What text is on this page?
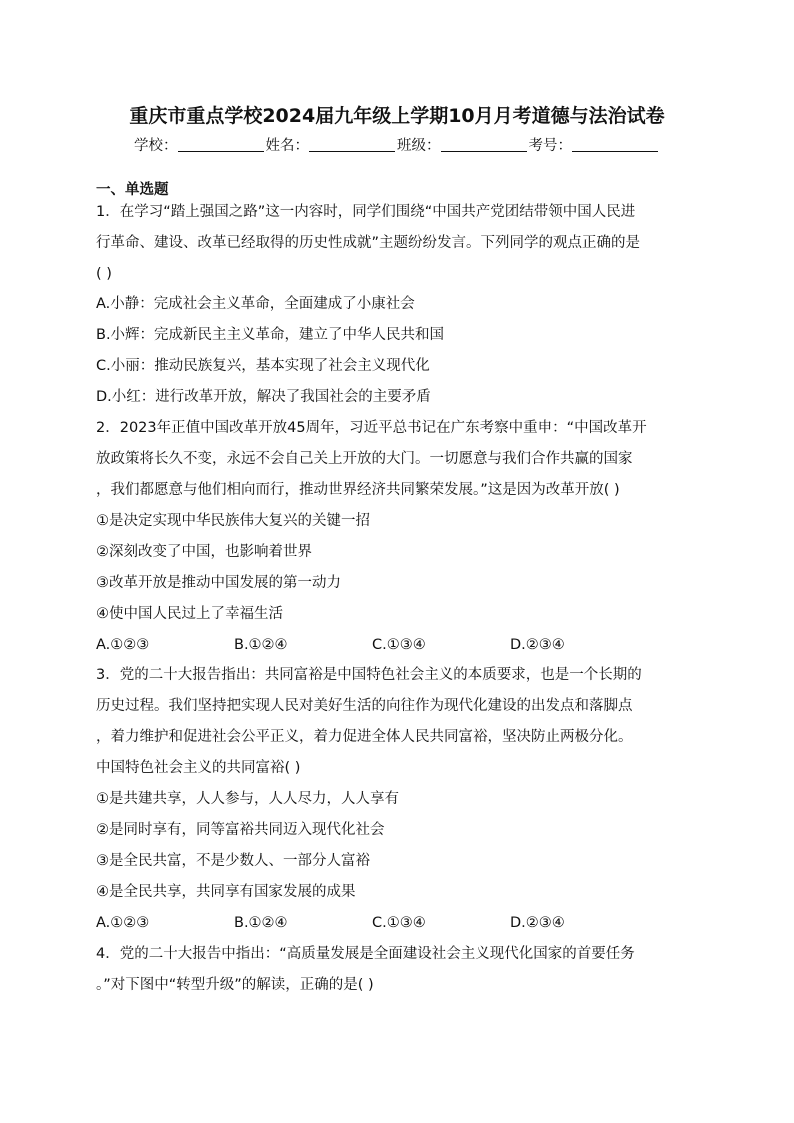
重庆市重点学校2024届九年级上学期10月月考道德与法治试卷
学校：	姓名：	班级：	考号：
一、单选题
1．在学习“踏上强国之路”这一内容时，同学们围绕“中国共产党团结带领中国人民进
行革命、建设、改革已经取得的历史性成就”主题纷纷发言。下列同学的观点正确的是
( )
A.小静：完成社会主义革命，全面建成了小康社会
B.小辉：完成新民主主义革命，建立了中华人民共和国
C.小丽：推动民族复兴，基本实现了社会主义现代化
D.小红：进行改革开放，解决了我国社会的主要矛盾
2．2023年正值中国改革开放45周年，习近平总书记在广东考察中重申：“中国改革开
放政策将长久不变，永远不会自己关上开放的大门。一切愿意与我们合作共赢的国家
，我们都愿意与他们相向而行，推动世界经济共同繁荣发展。”这是因为改革开放( )
①是决定实现中华民族伟大复兴的关键一招
②深刻改变了中国，也影响着世界
③改革开放是推动中国发展的第一动力
④使中国人民过上了幸福生活
A.①②③	B.①②④	C.①③④	D.②③④
3．党的二十大报告指出：共同富裕是中国特色社会主义的本质要求，也是一个长期的
历史过程。我们坚持把实现人民对美好生活的向往作为现代化建设的出发点和落脚点
，着力维护和促进社会公平正义，着力促进全体人民共同富裕，坚决防止两极分化。
中国特色社会主义的共同富裕( )
①是共建共享，人人参与，人人尽力，人人享有
②是同时享有，同等富裕共同迈入现代化社会
③是全民共富，不是少数人、一部分人富裕
④是全民共享，共同享有国家发展的成果
A.①②③	B.①②④	C.①③④	D.②③④
4．党的二十大报告中指出：“高质量发展是全面建设社会主义现代化国家的首要任务
。”对下图中“转型升级”的解读，正确的是( )
